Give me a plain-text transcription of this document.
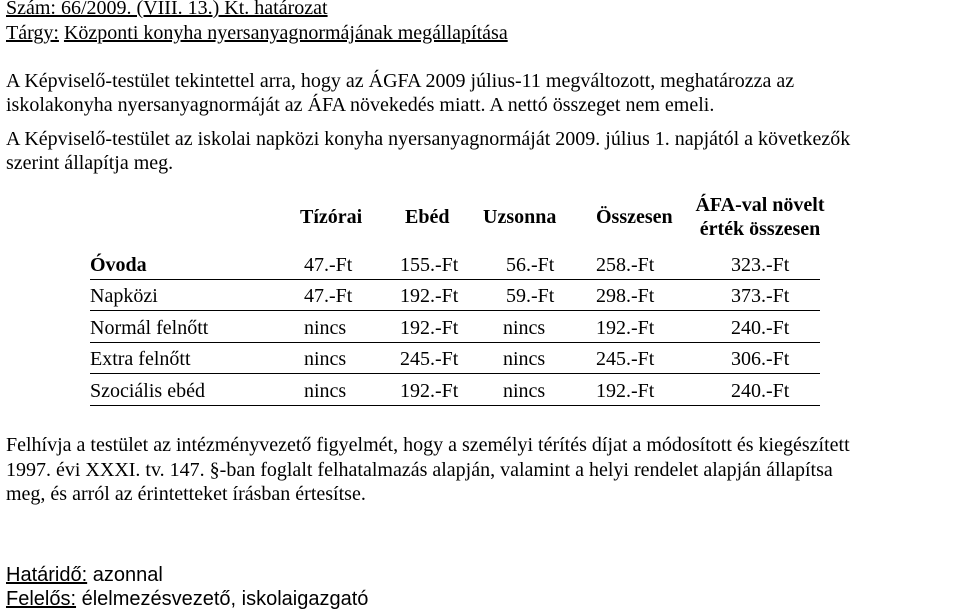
Szám: 66/2009. (VIII. 13.) Kt. határozat
Tárgy: Központi konyha nyersanyagnormájának megállapítása
A Képviselő-testület tekintettel arra, hogy az ÁGFA 2009 július-11 megváltozott, meghatározza az
iskolakonyha nyersanyagnormáját az ÁFA növekedés miatt. A nettó összeget nem emeli.
A Képviselő-testület az iskolai napközi konyha nyersanyagnormáját 2009. július 1. napjától a következők
szerint állapítja meg.
Tízórai Ebéd Uzsonna Összesen
ÁFA-val növelt
érték összesen
Óvoda	47.-Ft 155.-Ft 56.-Ft 258.-Ft	323.-Ft
Napközi	47.-Ft 192.-Ft 59.-Ft 298.-Ft	373.-Ft
Normál felnőtt	nincs	192.-Ft nincs	192.-Ft	240.-Ft
Extra felnőtt	nincs	245.-Ft nincs	245.-Ft	306.-Ft
Szociális ebéd	nincs	192.-Ft nincs	192.-Ft	240.-Ft
Felhívja a testület az intézményvezető figyelmét, hogy a személyi térítés díjat a módosított és kiegészített
1997. évi XXXI. tv. 147. §-ban foglalt felhatalmazás alapján, valamint a helyi rendelet alapján állapítsa
meg, és arról az érintetteket írásban értesítse.
Határidő: azonnal
Felelős: élelmezésvezető, iskolaigazgató
